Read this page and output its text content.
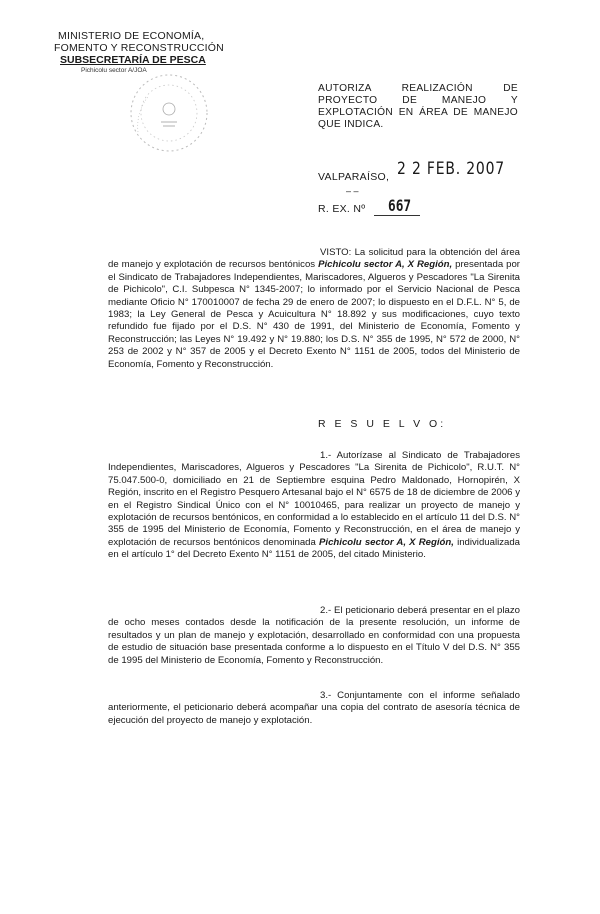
MINISTERIO DE ECONOMÍA,
FOMENTO Y RECONSTRUCCIÓN
SUBSECRETARÍA DE PESCA
Pichicolu sector A/JOA
AUTORIZA REALIZACIÓN DE PROYECTO DE MANEJO Y EXPLOTACIÓN EN ÁREA DE MANEJO QUE INDICA.
VALPARAÍSO, 2 2 FEB. 2007
– –
R. EX. Nº 667

VISTO: La solicitud para la obtención del área de manejo y explotación de recursos bentónicos Pichicolu sector A, X Región, presentada por el Sindicato de Trabajadores Independientes, Mariscadores, Algueros y Pescadores "La Sirenita de Pichicolo", C.I. Subpesca N° 1345-2007; lo informado por el Servicio Nacional de Pesca mediante Oficio N° 170010007 de fecha 29 de enero de 2007; lo dispuesto en el D.F.L. N° 5, de 1983; la Ley General de Pesca y Acuicultura N° 18.892 y sus modificaciones, cuyo texto refundido fue fijado por el D.S. N° 430 de 1991, del Ministerio de Economía, Fomento y Reconstrucción; las Leyes N° 19.492 y N° 19.880; los D.S. N° 355 de 1995, N° 572 de 2000, N° 253 de 2002 y N° 357 de 2005 y el Decreto Exento N° 1151 de 2005, todos del Ministerio de Economía, Fomento y Reconstrucción.

R E S U E L V O:

1.- Autorízase al Sindicato de Trabajadores Independientes, Mariscadores, Algueros y Pescadores "La Sirenita de Pichicolo", R.U.T. N° 75.047.500-0, domiciliado en 21 de Septiembre esquina Pedro Maldonado, Hornopirén, X Región, inscrito en el Registro Pesquero Artesanal bajo el N° 6575 de 18 de diciembre de 2006 y en el Registro Sindical Único con el N° 10010465, para realizar un proyecto de manejo y explotación de recursos bentónicos, en conformidad a lo establecido en el artículo 11 del D.S. N° 355 de 1995 del Ministerio de Economía, Fomento y Reconstrucción, en el área de manejo y explotación de recursos bentónicos denominada Pichicolu sector A, X Región, individualizada en el artículo 1° del Decreto Exento N° 1151 de 2005, del citado Ministerio.

2.- El peticionario deberá presentar en el plazo de ocho meses contados desde la notificación de la presente resolución, un informe de resultados y un plan de manejo y explotación, desarrollado en conformidad con una propuesta de estudio de situación base presentada conforme a lo dispuesto en el Título V del D.S. N° 355 de 1995 del Ministerio de Economía, Fomento y Reconstrucción.

3.- Conjuntamente con el informe señalado anteriormente, el peticionario deberá acompañar una copia del contrato de asesoría técnica de ejecución del proyecto de manejo y explotación.
